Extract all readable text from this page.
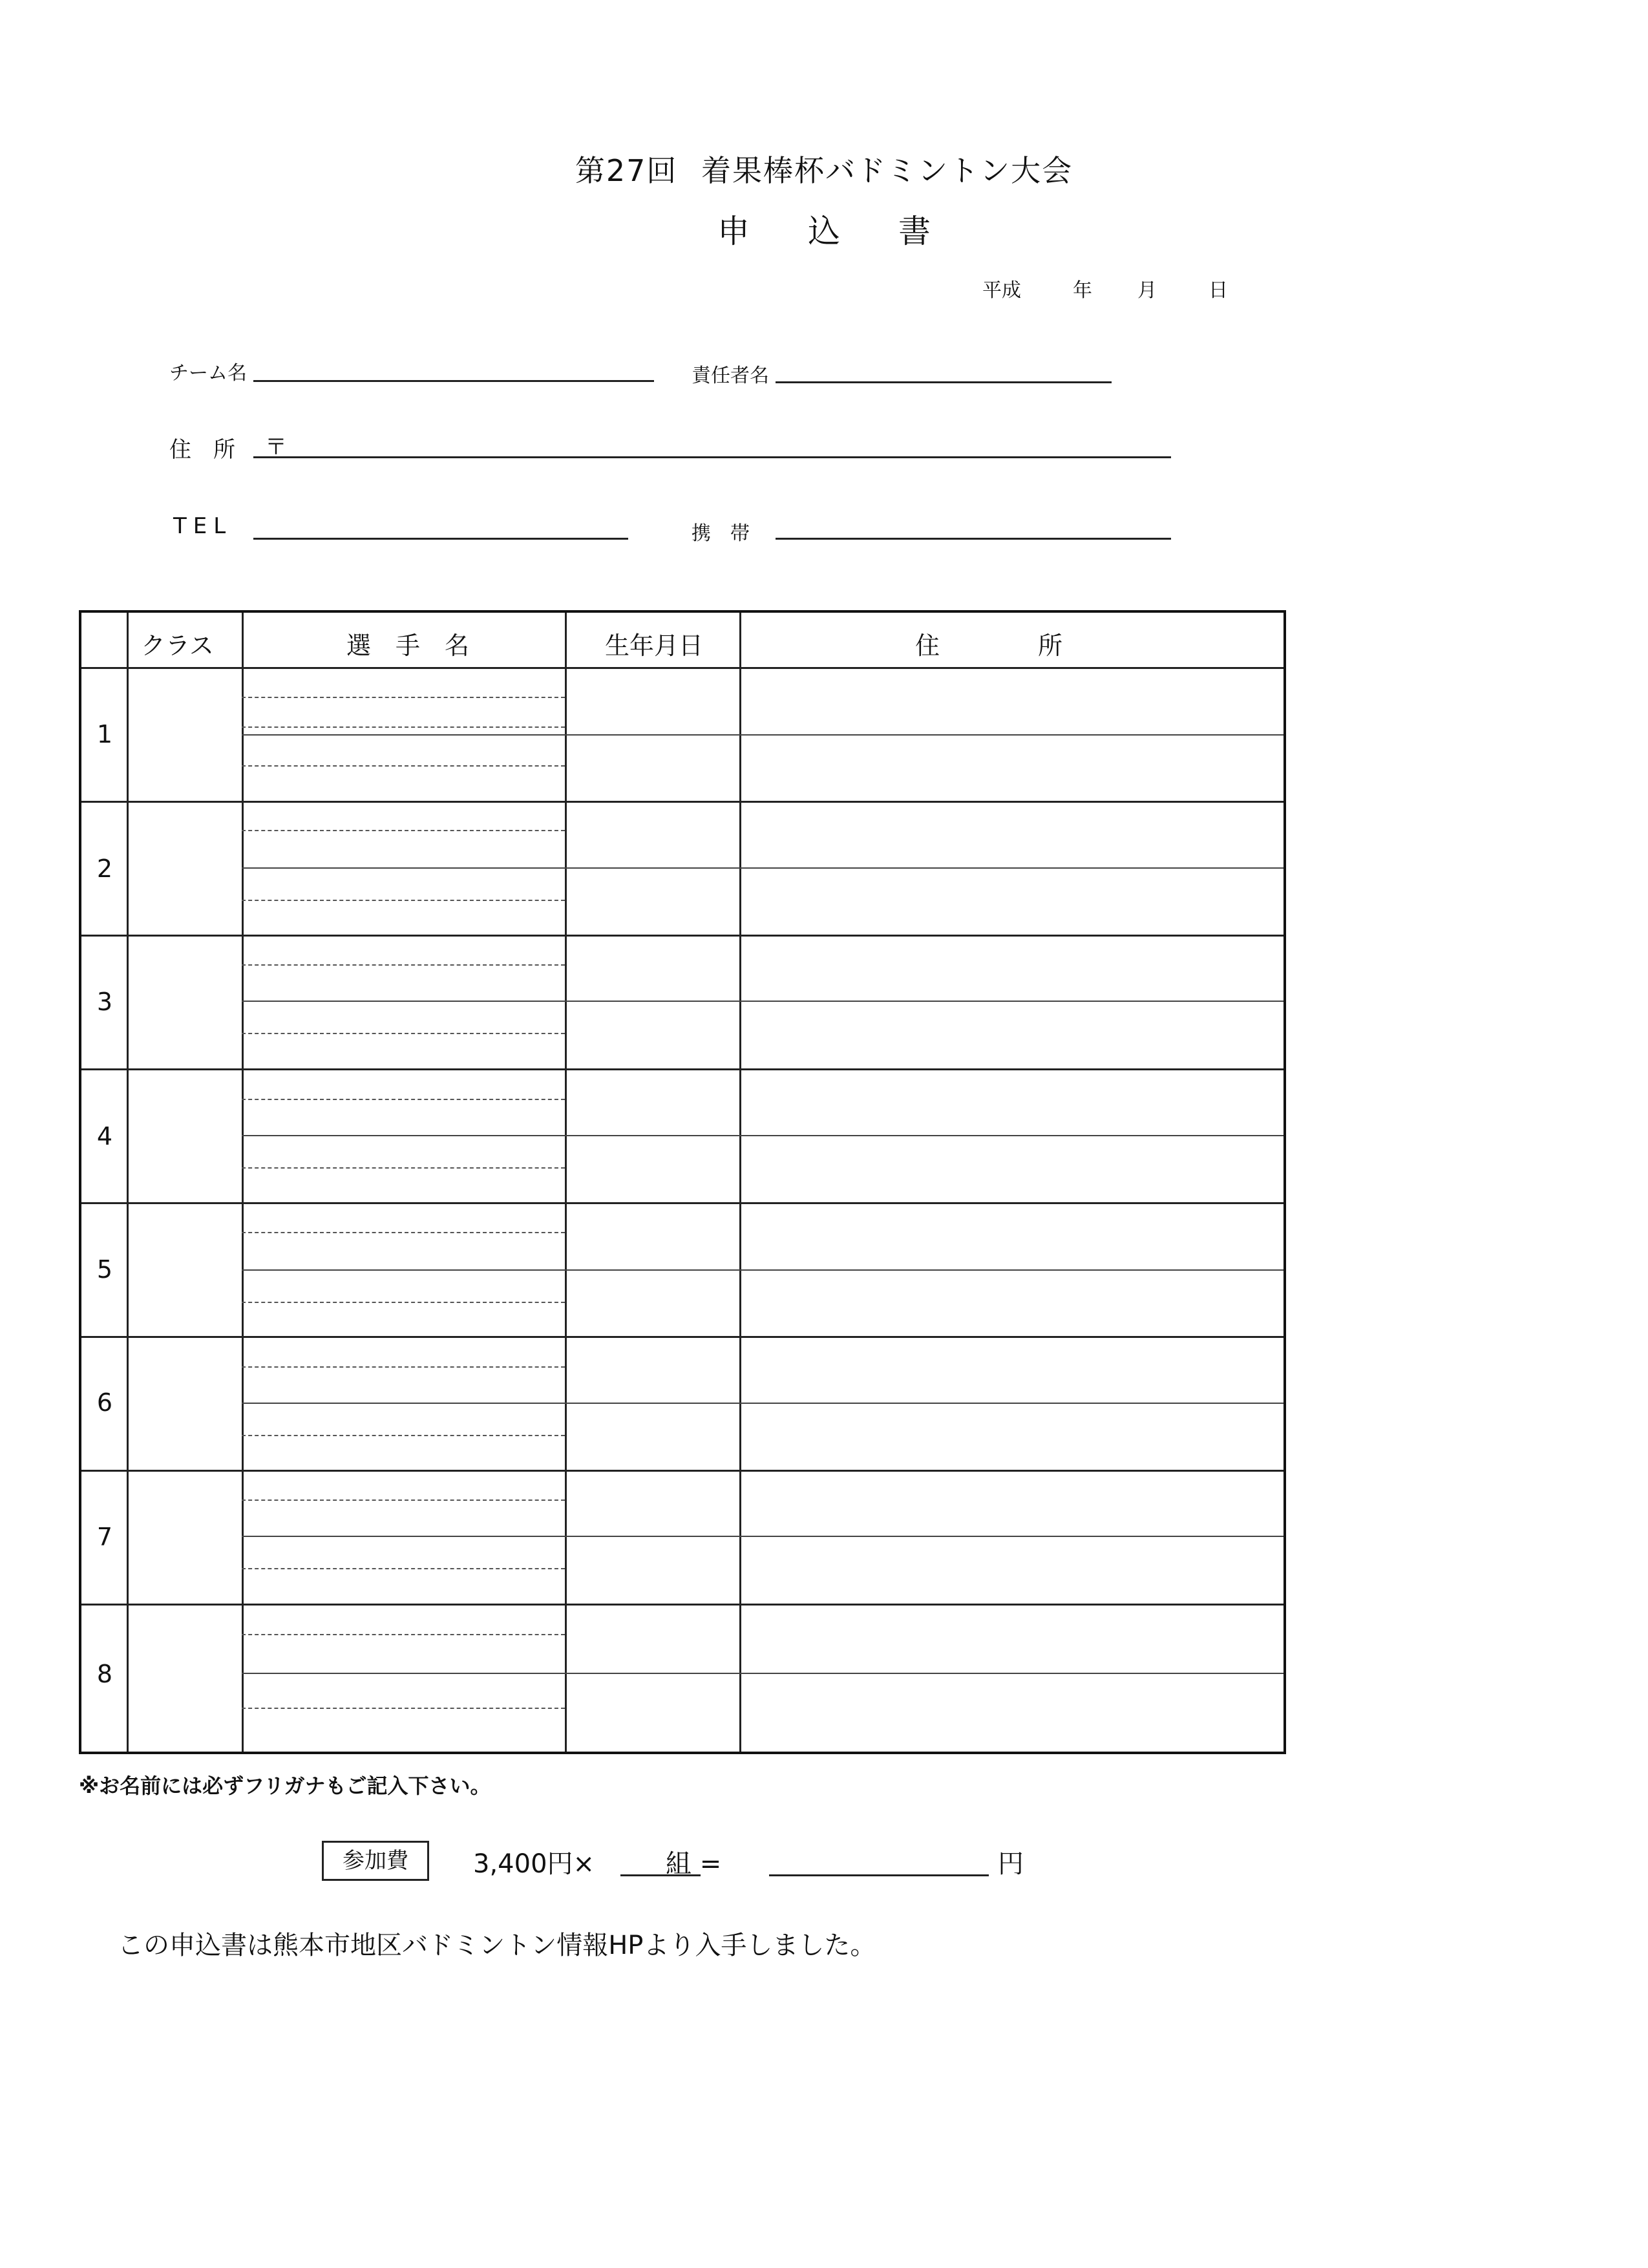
第27回 着果棒杯バドミントン大会
申込書
平成	年 月	日
チーム名	責任者名
住　所 〒
TEL	携　帯
クラス	選　手　名	生年月日	住　　　　所
1
2
3
4
5
6
7
8
※お名前には必ずフリガナもご記入下さい。
参加費	3,400円×	組 =	円
この申込書は熊本市地区バドミントン情報HPより入手しました。
